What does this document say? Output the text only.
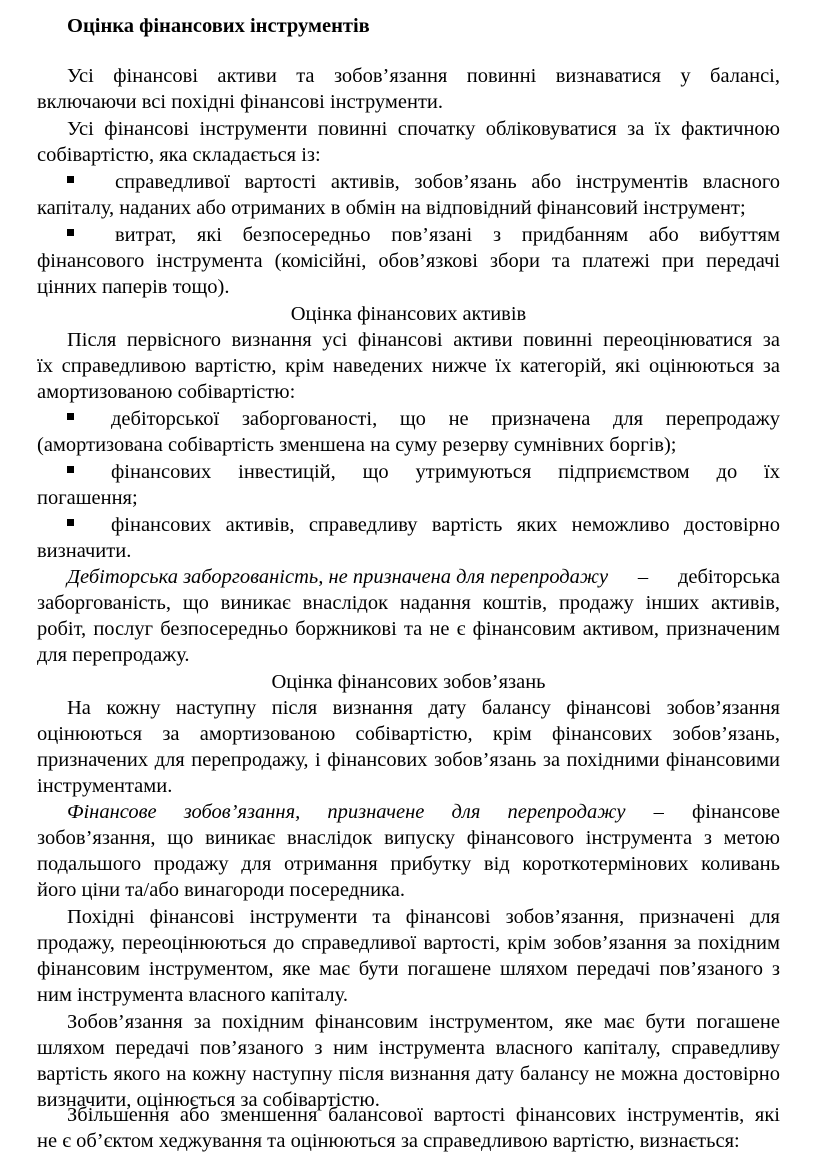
Оцінка фінансових інструментів
Усі фінансові активи та зобов’язання повинні визнаватися у балансі,
включаючи всі похідні фінансові інструменти.
Усі фінансові інструменти повинні спочатку обліковуватися за їх фактичною
собівартістю, яка складається із:
справедливої вартості активів, зобов’язань або інструментів власного
капіталу, наданих або отриманих в обмін на відповідний фінансовий інструмент;
витрат, які безпосередньо пов’язані з придбанням або вибуттям
фінансового інструмента (комісійні, обов’язкові збори та платежі при передачі
цінних паперів тощо).
Оцінка фінансових активів
Після первісного визнання усі фінансові активи повинні переоцінюватися за
їх справедливою вартістю, крім наведених нижче їх категорій, які оцінюються за
амортизованою собівартістю:
дебіторської заборгованості, що не призначена для перепродажу
(амортизована собівартість зменшена на суму резерву сумнівних боргів);
фінансових інвестицій, що утримуються підприємством до їх
погашення;
фінансових активів, справедливу вартість яких неможливо достовірно
визначити.
Дебіторська заборгованість, не призначена для перепродажу – дебіторська
заборгованість, що виникає внаслідок надання коштів, продажу інших активів,
робіт, послуг безпосередньо боржникові та не є фінансовим активом, призначеним
для перепродажу.
Оцінка фінансових зобов’язань
На кожну наступну після визнання дату балансу фінансові зобов’язання
оцінюються за амортизованою собівартістю, крім фінансових зобов’язань,
призначених для перепродажу, і фінансових зобов’язань за похідними фінансовими
інструментами.
Фінансове зобов’язання, призначене для перепродажу – фінансове
зобов’язання, що виникає внаслідок випуску фінансового інструмента з метою
подальшого продажу для отримання прибутку від короткотермінових коливань
його ціни та/або винагороди посередника.
Похідні фінансові інструменти та фінансові зобов’язання, призначені для
продажу, переоцінюються до справедливої вартості, крім зобов’язання за похідним
фінансовим інструментом, яке має бути погашене шляхом передачі пов’язаного з
ним інструмента власного капіталу.
Зобов’язання за похідним фінансовим інструментом, яке має бути погашене
шляхом передачі пов’язаного з ним інструмента власного капіталу, справедливу
вартість якого на кожну наступну після визнання дату балансу не можна достовірно
визначити, оцінюється за собівартістю.
Збільшення або зменшення балансової вартості фінансових інструментів, які
не є об’єктом хеджування та оцінюються за справедливою вартістю, визнається:
